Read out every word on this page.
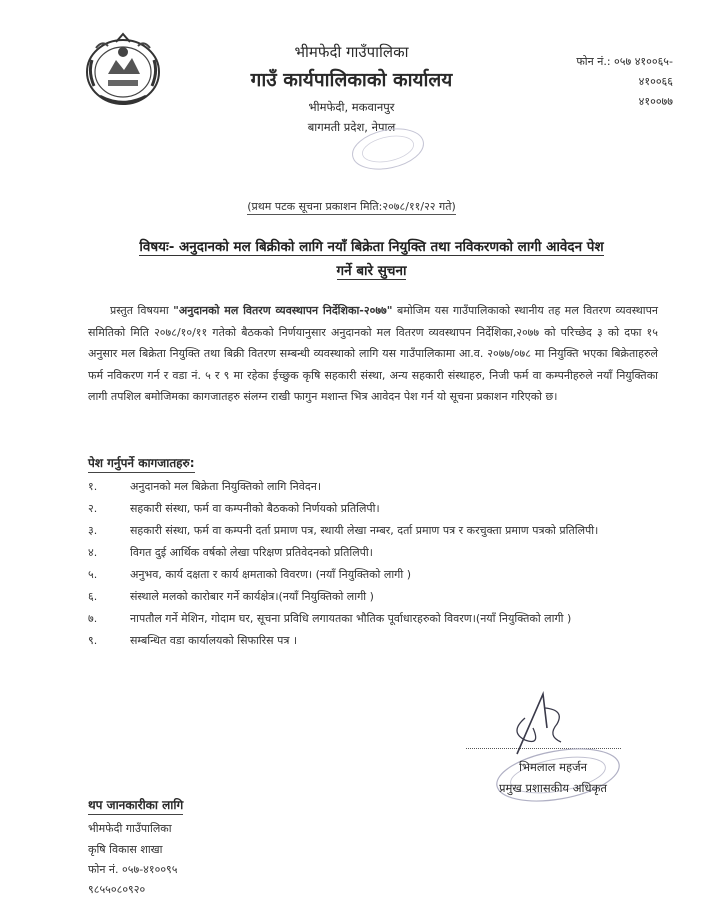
भीमफेदी गाउँपालिका
गाउँ कार्यपालिकाको कार्यालय
भीमफेदी, मकवानपुर
बागमती प्रदेश, नेपाल
फोन नं.: ०५७ ४१००६५-
४१००६६
४१००७७
(प्रथम पटक सूचना प्रकाशन मिति:२०७८/११/२२ गते)
विषयः- अनुदानको मल बिक्रीको लागि नयाँ बिक्रेता नियुक्ति तथा नविकरणको लागी आवेदन पेश
गर्ने बारे सुचना
प्रस्तुत विषयमा "अनुदानको मल वितरण व्यवस्थापन निर्देशिका-२०७७" बमोजिम यस गाउँपालिकाको स्थानीय तह मल वितरण व्यवस्थापन समितिको मिति २०७८/१०/११ गतेको बैठकको निर्णयानुसार अनुदानको मल वितरण व्यवस्थापन निर्देशिका,२०७७ को परिच्छेद ३ को दफा १५ अनुसार मल बिक्रेता नियुक्ति तथा बिक्री वितरण सम्बन्धी व्यवस्थाको लागि यस गाउँपालिकामा आ.व. २०७७/०७८ मा नियुक्ति भएका बिक्रेताहरुले फर्म नविकरण गर्न र वडा नं. ५ र ९ मा रहेका ईच्छुक कृषि सहकारी संस्था, अन्य सहकारी संस्थाहरु, निजी फर्म वा कम्पनीहरुले नयाँ नियुक्तिका लागी तपशिल बमोजिमका कागजातहरु संलग्न राखी फागुन मशान्त भित्र आवेदन पेश गर्न यो सूचना प्रकाशन गरिएको छ।
पेश गर्नुपर्ने कागजातहरु:
१.	अनुदानको मल बिक्रेता नियुक्तिको लागि निवेदन।
२.	सहकारी संस्था, फर्म वा कम्पनीको बैठकको निर्णयको प्रतिलिपी।
३.	सहकारी संस्था, फर्म वा कम्पनी दर्ता प्रमाण पत्र, स्थायी लेखा नम्बर, दर्ता प्रमाण पत्र र करचुक्ता प्रमाण पत्रको प्रतिलिपी।
४.	विगत दुई आर्थिक वर्षको लेखा परिक्षण प्रतिवेदनको प्रतिलिपी।
५.	अनुभव, कार्य दक्षता र कार्य क्षमताको विवरण। (नयाँ नियुक्तिको लागी )
६.	संस्थाले मलको कारोबार गर्ने कार्यक्षेत्र।(नयाँ नियुक्तिको लागी )
७.	नापतौल गर्ने मेशिन, गोदाम घर, सूचना प्रविधि लगायतका भौतिक पूर्वाधारहरुको विवरण।(नयाँ नियुक्तिको लागी )
९.	सम्बन्धित वडा कार्यालयको सिफारिस पत्र ।
भिमलाल महर्जन
प्रमुख प्रशासकीय अधिकृत
थप जानकारीका लागि
भीमफेदी गाउँपालिका
कृषि विकास शाखा
फोन नं. ०५७-४१००९५
९८५५०८०९२०
